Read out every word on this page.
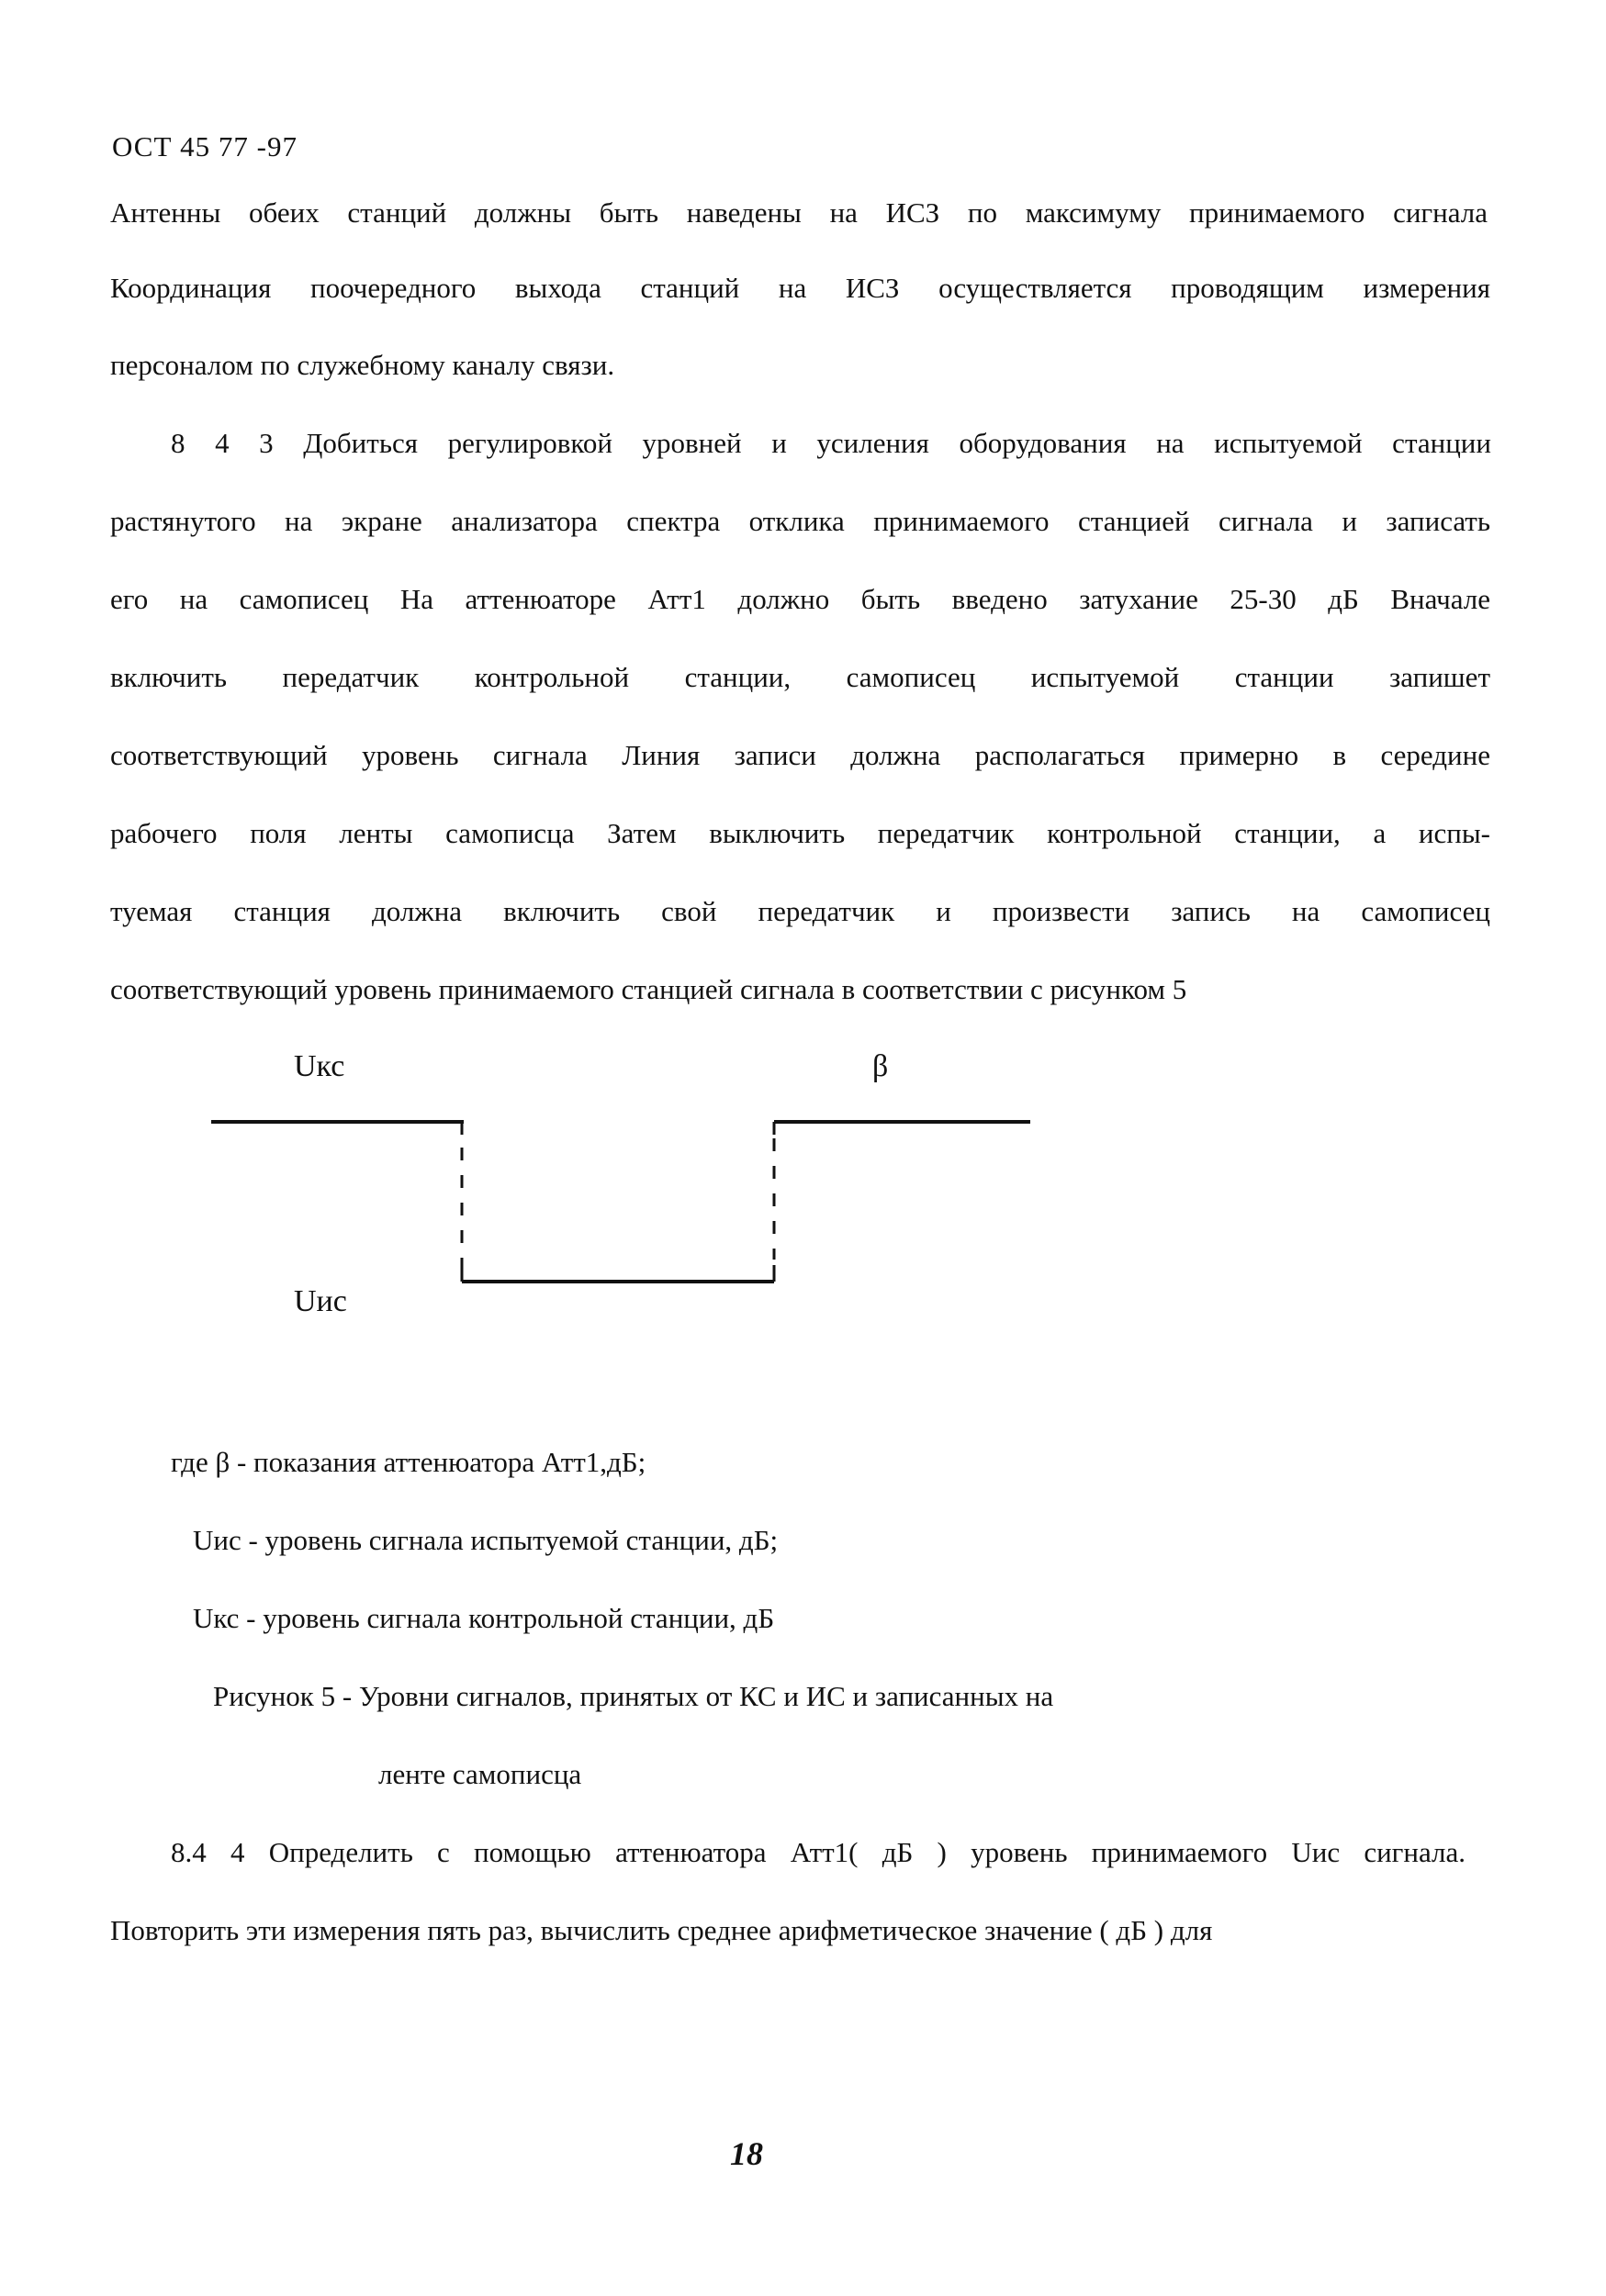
ОСТ 45 77 -97
Антенны обеих станций должны быть наведены на ИСЗ по максимуму принимаемого сигнала
Координация поочередного выхода станций на ИСЗ осуществляется проводящим измерения
персоналом по служебному каналу связи.
8 4 3 Добиться регулировкой уровней и усиления оборудования на испытуемой станции
растянутого на экране анализатора спектра отклика принимаемого станцией сигнала и записать
его на самописец На аттенюаторе Атт1 должно быть введено затухание 25-30 дБ Вначале
включить передатчик контрольной станции, самописец испытуемой станции запишет
соответствующий уровень сигнала Линия записи должна располагаться примерно в середине
рабочего поля ленты самописца Затем выключить передатчик контрольной станции, а испы-
туемая станция должна включить свой передатчик и произвести запись на самописец
соответствующий уровень принимаемого станцией сигнала в соответствии с рисунком 5
Uкс	β
Uис
где β - показания аттенюатора Атт1,дБ;
Uис - уровень сигнала испытуемой станции, дБ;
Uкс - уровень сигнала контрольной станции, дБ
Рисунок 5 - Уровни сигналов, принятых от КС и ИС и записанных на
ленте самописца
8.4 4 Определить с помощью аттенюатора Атт1( дБ ) уровень принимаемого Uис сигнала.
Повторить эти измерения пять раз, вычислить среднее арифметическое значение ( дБ ) для
18
